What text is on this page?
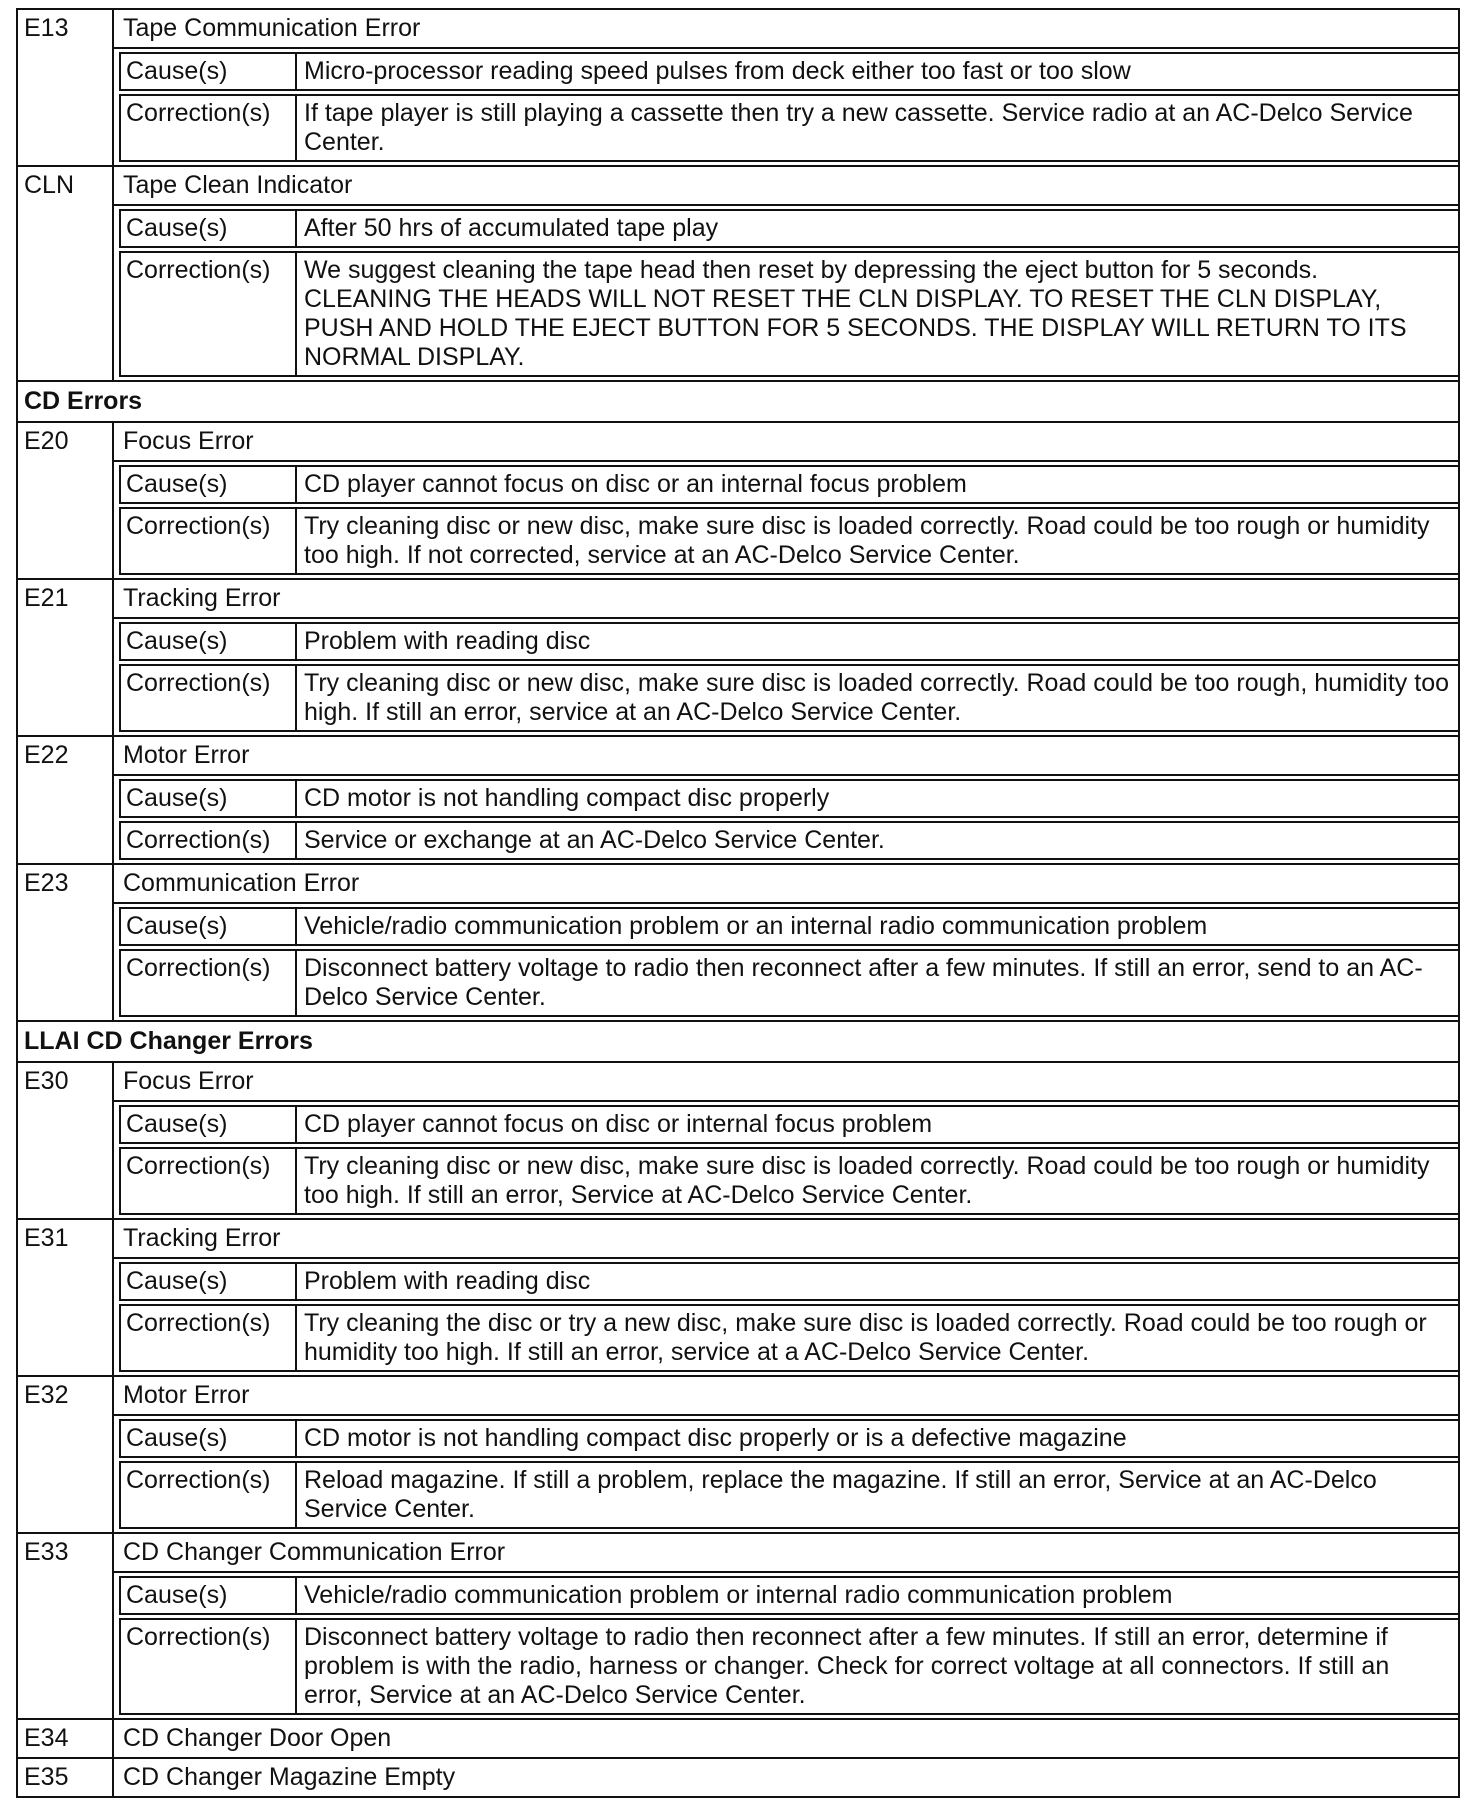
E13	Tape Communication Error
Cause(s)	Micro-processor reading speed pulses from deck either too fast or too slow
Correction(s)	If tape player is still playing a cassette then try a new cassette. Service radio at an AC-Delco Service Center.
CLN	Tape Clean Indicator
Cause(s)	After 50 hrs of accumulated tape play
Correction(s)	We suggest cleaning the tape head then reset by depressing the eject button for 5 seconds. CLEANING THE HEADS WILL NOT RESET THE CLN DISPLAY. TO RESET THE CLN DISPLAY, PUSH AND HOLD THE EJECT BUTTON FOR 5 SECONDS. THE DISPLAY WILL RETURN TO ITS NORMAL DISPLAY.
CD Errors
E20	Focus Error
Cause(s)	CD player cannot focus on disc or an internal focus problem
Correction(s)	Try cleaning disc or new disc, make sure disc is loaded correctly. Road could be too rough or humidity too high. If not corrected, service at an AC-Delco Service Center.
E21	Tracking Error
Cause(s)	Problem with reading disc
Correction(s)	Try cleaning disc or new disc, make sure disc is loaded correctly. Road could be too rough, humidity too high. If still an error, service at an AC-Delco Service Center.
E22	Motor Error
Cause(s)	CD motor is not handling compact disc properly
Correction(s)	Service or exchange at an AC-Delco Service Center.
E23	Communication Error
Cause(s)	Vehicle/radio communication problem or an internal radio communication problem
Correction(s)	Disconnect battery voltage to radio then reconnect after a few minutes. If still an error, send to an AC-Delco Service Center.
LLAI CD Changer Errors
E30	Focus Error
Cause(s)	CD player cannot focus on disc or internal focus problem
Correction(s)	Try cleaning disc or new disc, make sure disc is loaded correctly. Road could be too rough or humidity too high. If still an error, Service at AC-Delco Service Center.
E31	Tracking Error
Cause(s)	Problem with reading disc
Correction(s)	Try cleaning the disc or try a new disc, make sure disc is loaded correctly. Road could be too rough or humidity too high. If still an error, service at a AC-Delco Service Center.
E32	Motor Error
Cause(s)	CD motor is not handling compact disc properly or is a defective magazine
Correction(s)	Reload magazine. If still a problem, replace the magazine. If still an error, Service at an AC-Delco Service Center.
E33	CD Changer Communication Error
Cause(s)	Vehicle/radio communication problem or internal radio communication problem
Correction(s)	Disconnect battery voltage to radio then reconnect after a few minutes. If still an error, determine if problem is with the radio, harness or changer. Check for correct voltage at all connectors. If still an error, Service at an AC-Delco Service Center.
E34	CD Changer Door Open
E35	CD Changer Magazine Empty
